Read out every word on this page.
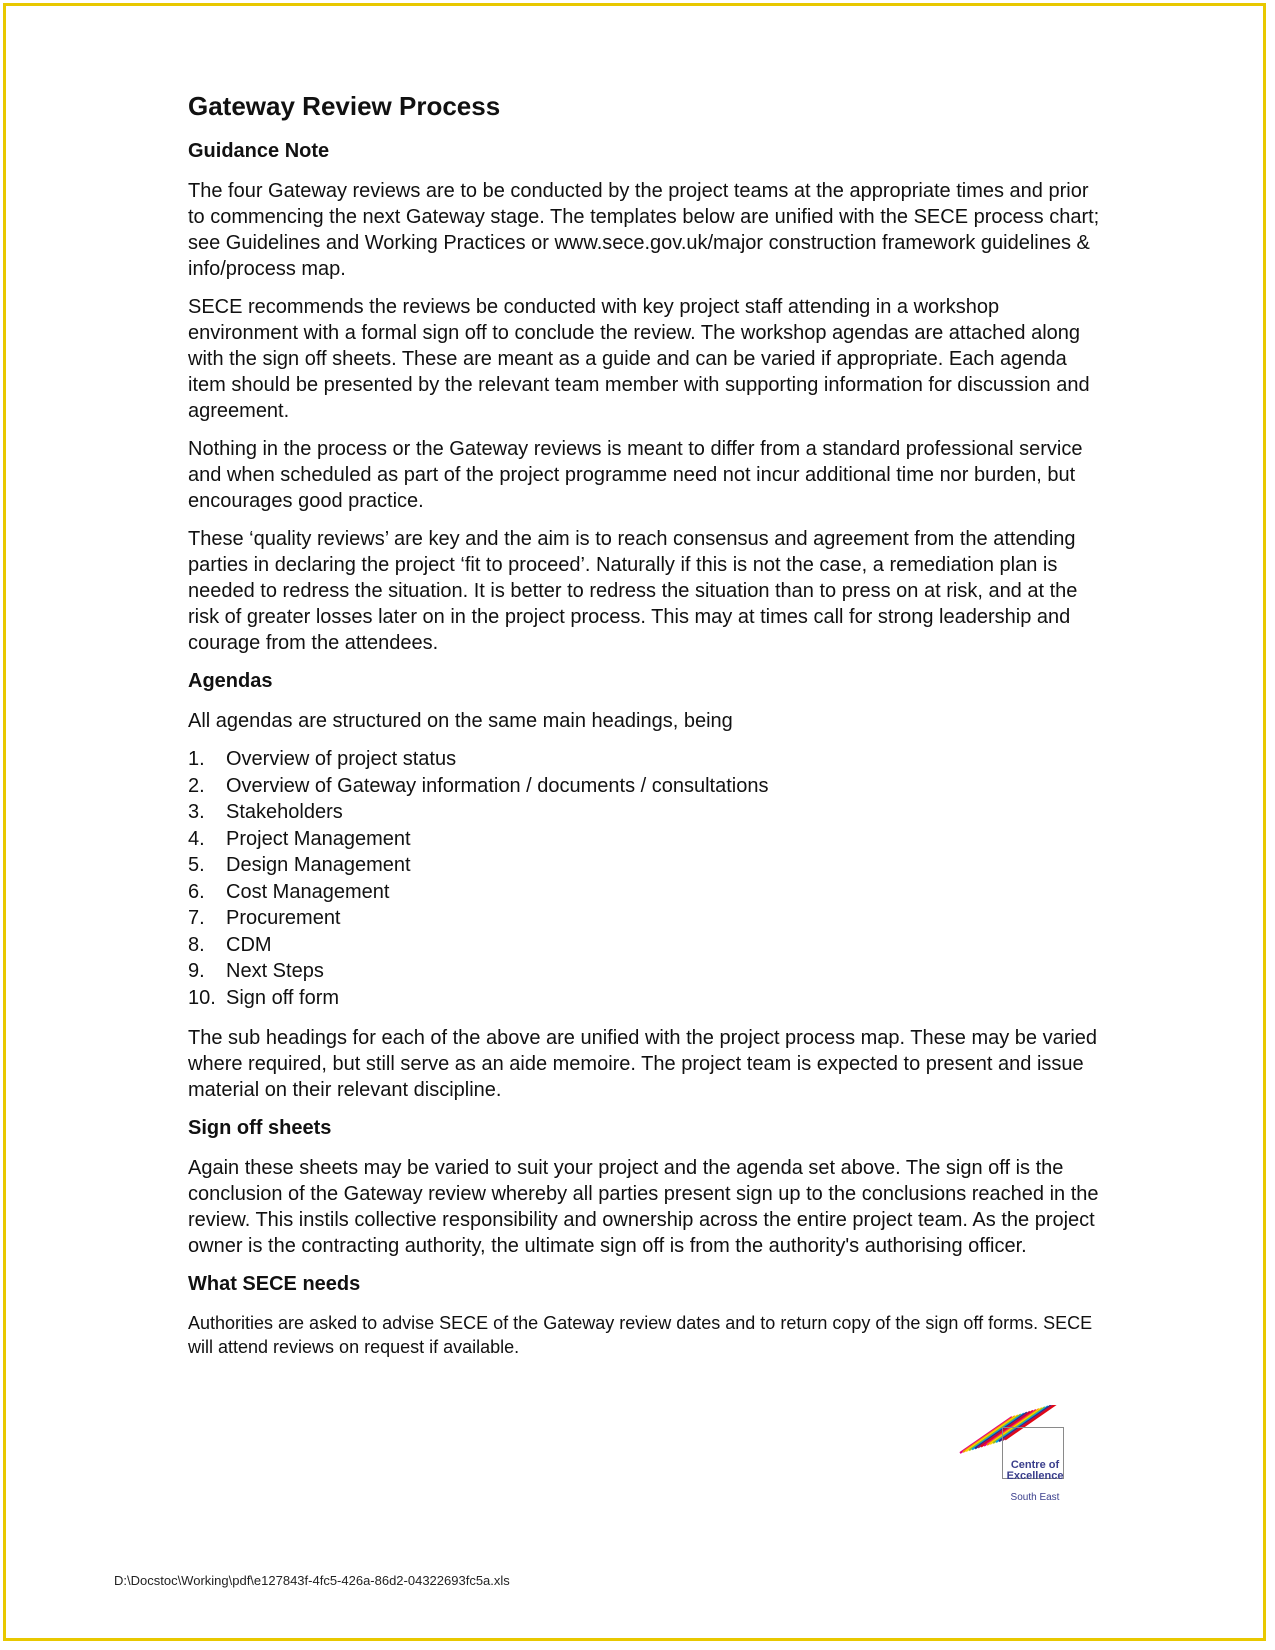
Gateway Review Process
Guidance Note

The four Gateway reviews are to be conducted by the project teams at the appropriate times and prior to commencing the next Gateway stage. The templates below are unified with the SECE process chart; see Guidelines and Working Practices or www.sece.gov.uk/major construction framework guidelines & info/process map.

SECE recommends the reviews be conducted with key project staff attending in a workshop environment with a formal sign off to conclude the review. The workshop agendas are attached along with the sign off sheets. These are meant as a guide and can be varied if appropriate. Each agenda item should be presented by the relevant team member with supporting information for discussion and agreement.

Nothing in the process or the Gateway reviews is meant to differ from a standard professional service and when scheduled as part of the project programme need not incur additional time nor burden, but encourages good practice.

These ‘quality reviews’ are key and the aim is to reach consensus and agreement from the attending parties in declaring the project ‘fit to proceed’. Naturally if this is not the case, a remediation plan is needed to redress the situation. It is better to redress the situation than to press on at risk, and at the risk of greater losses later on in the project process. This may at times call for strong leadership and courage from the attendees.

Agendas

All agendas are structured on the same main headings, being

1.	Overview of project status
2.	Overview of Gateway information / documents / consultations
3.	Stakeholders
4.	Project Management
5.	Design Management
6.	Cost Management
7.	Procurement
8.	CDM
9.	Next Steps
10. Sign off form

The sub headings for each of the above are unified with the project process map. These may be varied where required, but still serve as an aide memoire. The project team is expected to present and issue material on their relevant discipline.

Sign off sheets

Again these sheets may be varied to suit your project and the agenda set above. The sign off is the conclusion of the Gateway review whereby all parties present sign up to the conclusions reached in the review. This instils collective responsibility and ownership across the entire project team. As the project owner is the contracting authority, the ultimate sign off is from the authority's authorising officer.

What SECE needs

Authorities are asked to advise SECE of the Gateway review dates and to return copy of the sign off forms. SECE will attend reviews on request if available.

Centre of
Excellence
South East
D:\Docstoc\Working\pdf\e127843f-4fc5-426a-86d2-04322693fc5a.xls
